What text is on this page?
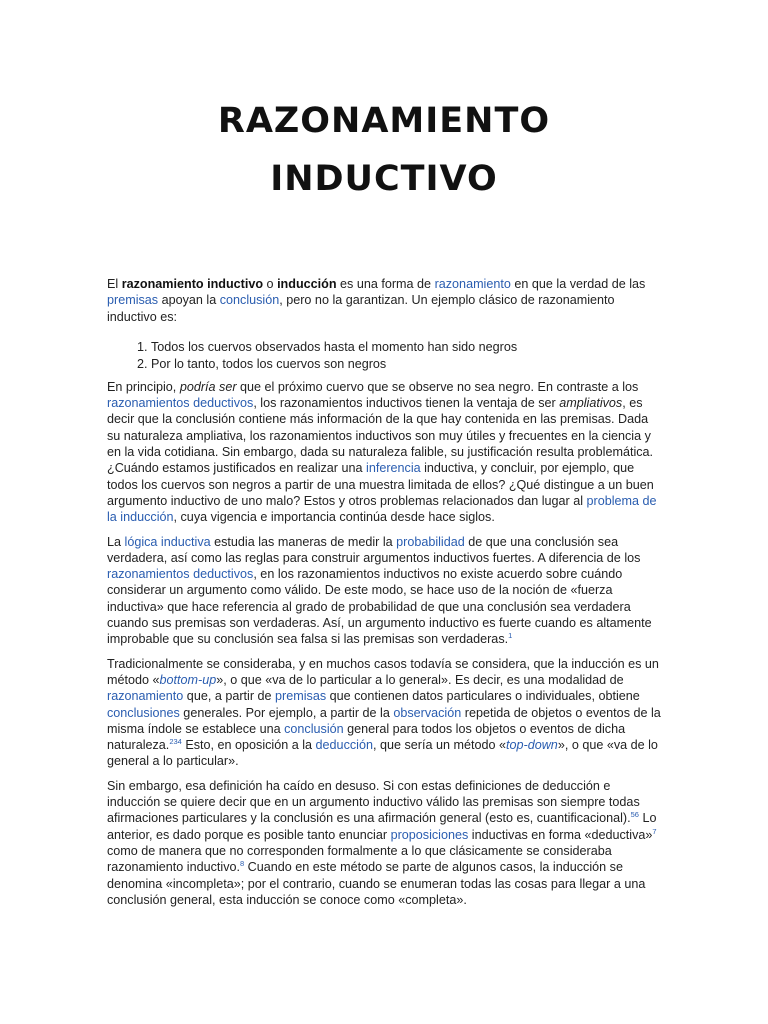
RAZONAMIENTO
INDUCTIVO

El razonamiento inductivo o inducción es una forma de razonamiento en que la verdad de las premisas apoyan la conclusión, pero no la garantizan. Un ejemplo clásico de razonamiento inductivo es:

1. Todos los cuervos observados hasta el momento han sido negros
2. Por lo tanto, todos los cuervos son negros

En principio, podría ser que el próximo cuervo que se observe no sea negro. En contraste a los razonamientos deductivos, los razonamientos inductivos tienen la ventaja de ser ampliativos, es decir que la conclusión contiene más información de la que hay contenida en las premisas. Dada su naturaleza ampliativa, los razonamientos inductivos son muy útiles y frecuentes en la ciencia y en la vida cotidiana. Sin embargo, dada su naturaleza falible, su justificación resulta problemática. ¿Cuándo estamos justificados en realizar una inferencia inductiva, y concluir, por ejemplo, que todos los cuervos son negros a partir de una muestra limitada de ellos? ¿Qué distingue a un buen argumento inductivo de uno malo? Estos y otros problemas relacionados dan lugar al problema de la inducción, cuya vigencia e importancia continúa desde hace siglos.

La lógica inductiva estudia las maneras de medir la probabilidad de que una conclusión sea verdadera, así como las reglas para construir argumentos inductivos fuertes. A diferencia de los razonamientos deductivos, en los razonamientos inductivos no existe acuerdo sobre cuándo considerar un argumento como válido. De este modo, se hace uso de la noción de «fuerza inductiva» que hace referencia al grado de probabilidad de que una conclusión sea verdadera cuando sus premisas son verdaderas. Así, un argumento inductivo es fuerte cuando es altamente improbable que su conclusión sea falsa si las premisas son verdaderas.$^1$

Tradicionalmente se consideraba, y en muchos casos todavía se considera, que la inducción es un método «bottom-up», o que «va de lo particular a lo general». Es decir, es una modalidad de razonamiento que, a partir de premisas que contienen datos particulares o individuales, obtiene conclusiones generales. Por ejemplo, a partir de la observación repetida de objetos o eventos de la misma índole se establece una conclusión general para todos los objetos o eventos de dicha naturaleza.$^{234}$ Esto, en oposición a la deducción, que sería un método «top-down», o que «va de lo general a lo particular».

Sin embargo, esa definición ha caído en desuso. Si con estas definiciones de deducción e inducción se quiere decir que en un argumento inductivo válido las premisas son siempre todas afirmaciones particulares y la conclusión es una afirmación general (esto es, cuantificacional).$^{56}$ Lo anterior, es dado porque es posible tanto enunciar proposiciones inductivas en forma «deductiva»$^7$ como de manera que no corresponden formalmente a lo que clásicamente se consideraba razonamiento inductivo.$^8$ Cuando en este método se parte de algunos casos, la inducción se denomina «incompleta»; por el contrario, cuando se enumeran todas las cosas para llegar a una conclusión general, esta inducción se conoce como «completa».
